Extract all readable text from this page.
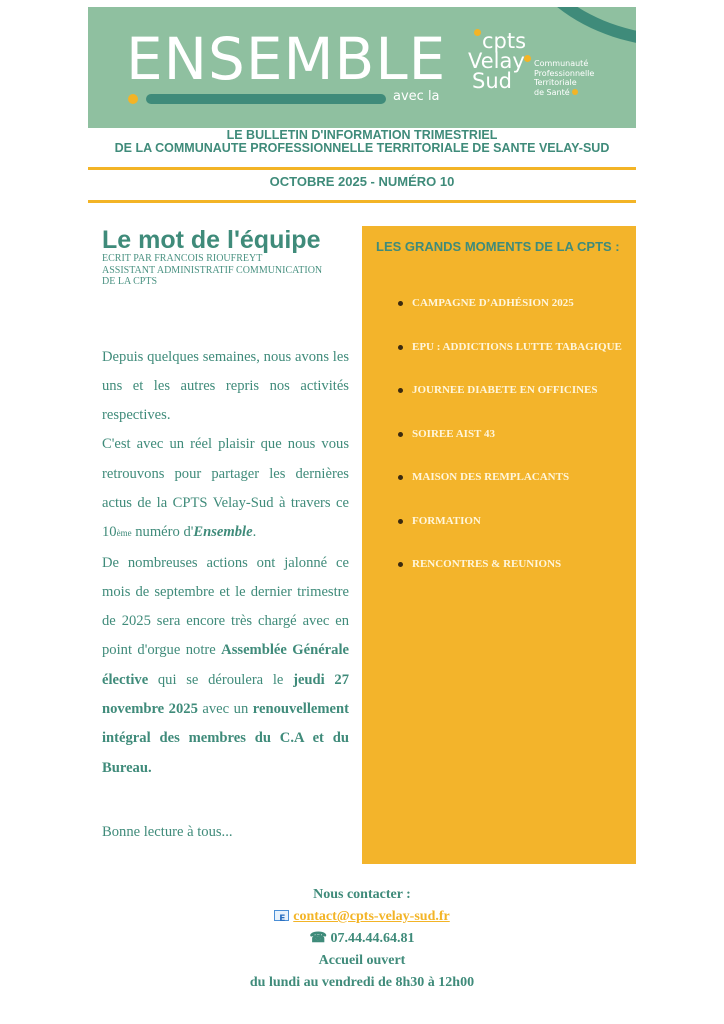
ENSEMBLE
avec la
cpts
Velay
Sud
Communauté
Professionnelle
Territoriale
de Santé
LE BULLETIN D'INFORMATION TRIMESTRIEL
DE LA COMMUNAUTE PROFESSIONNELLE TERRITORIALE DE SANTE VELAY-SUD
OCTOBRE 2025 - NUMÉRO 10
Le mot de l'équipe
ECRIT PAR FRANCOIS RIOUFREYT
ASSISTANT ADMINISTRATIF COMMUNICATION
DE LA CPTS

Depuis quelques semaines, nous avons les uns et les autres repris nos activités respectives.

C'est avec un réel plaisir que nous vous retrouvons pour partager les dernières actus de la CPTS Velay-Sud à travers ce 10ème numéro d'Ensemble.

De nombreuses actions ont jalonné ce mois de septembre et le dernier trimestre de 2025 sera encore très chargé avec en point d'orgue notre Assemblée Générale élective qui se déroulera le jeudi 27 novembre 2025 avec un renouvellement intégral des membres du C.A et du Bureau.

Bonne lecture à tous...
LES GRANDS MOMENTS DE LA CPTS :
CAMPAGNE D’ADHÉSION 2025
EPU : ADDICTIONS LUTTE TABAGIQUE
JOURNEE DIABETE EN OFFICINES
SOIREE AIST 43
MAISON DES REMPLACANTS
FORMATION
RENCONTRES & REUNIONS
Nous contacter :
Econtact@cpts-velay-sud.fr
☎ 07.44.44.64.81
Accueil ouvert
du lundi au vendredi de 8h30 à 12h00
